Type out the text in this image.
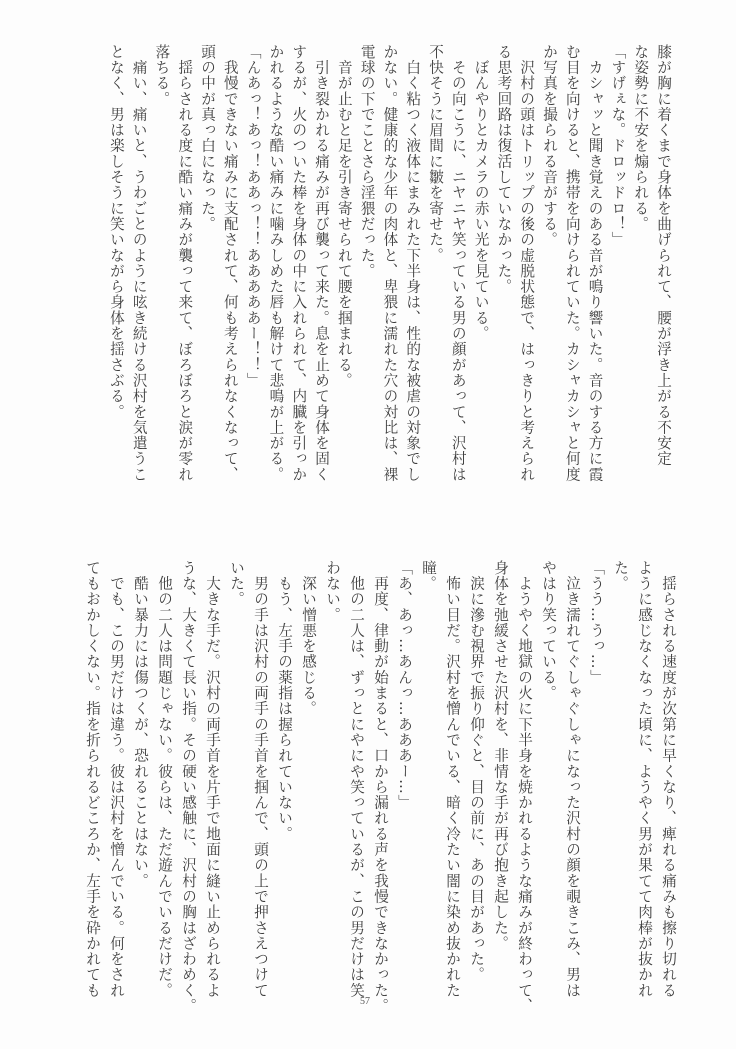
膝が胸に着くまで身体を曲げられて、腰が浮き上がる不安定
な姿勢に不安を煽られる。
「すげぇな。ドロッドロ！」
　カシャッと聞き覚えのある音が鳴り響いた。音のする方に霞
む目を向けると、携帯を向けられていた。カシャカシャと何度
か写真を撮られる音がする。
　沢村の頭はトリップの後の虚脱状態で、はっきりと考えられ
る思考回路は復活していなかった。
　ぼんやりとカメラの赤い光を見ている。
　その向こうに、ニヤニヤ笑っている男の顔があって、沢村は
不快そうに眉間に皺を寄せた。
　白く粘つく液体にまみれた下半身は、性的な被虐の対象でし
かない。健康的な少年の肉体と、卑猥に濡れた穴の対比は、裸
電球の下でことさら淫猥だった。
　音が止むと足を引き寄せられて腰を掴まれる。
　引き裂かれる痛みが再び襲って来た。息を止めて身体を固く
するが、火のついた棒を身体の中に入れられて、内臓を引っか
かれるような酷い痛みに噛みしめた唇も解けて悲鳴が上がる。
「んあっ！あっ！ああっ！！あああああー！！」
　我慢できない痛みに支配されて、何も考えられなくなって、
頭の中が真っ白になった。
　揺らされる度に酷い痛みが襲って来て、ぼろぼろと涙が零れ
落ちる。
　痛い、痛いと、うわごとのように呟き続ける沢村を気遣うこ
となく、男は楽しそうに笑いながら身体を揺さぶる。
　揺らされる速度が次第に早くなり、痺れる痛みも擦り切れる
ように感じなくなった頃に、ようやく男が果てて肉棒が抜かれ
た。
「うう…うっ…」
　泣き濡れてぐしゃぐしゃになった沢村の顔を覗きこみ、男は
やはり笑っている。
　ようやく地獄の火に下半身を焼かれるような痛みが終わって、
身体を弛緩させた沢村を、非情な手が再び抱き起した。
　涙に滲む視界で振り仰ぐと、目の前に、あの目があった。
　怖い目だ。沢村を憎んでいる、暗く冷たい闇に染め抜かれた
瞳。
「あ、あっ…あんっ…あああー…」
　再度、律動が始まると、口から漏れる声を我慢できなかった。
　他の二人は、ずっとにやにや笑っているが、この男だけは笑
わない。
　深い憎悪を感じる。
　もう、左手の薬指は握られていない。
　男の手は沢村の両手の手首を掴んで、頭の上で押さえつけて
いた。
　大きな手だ。沢村の両手首を片手で地面に縫い止められるよ
うな、大きくて長い指。その硬い感触に、沢村の胸はざわめく。
　他の二人は問題じゃない。彼らは、ただ遊んでいるだけだ。
　酷い暴力には傷つくが、恐れることはない。
　でも、この男だけは違う。彼は沢村を憎んでいる。何をされ
てもおかしくない。指を折られるどころか、左手を砕かれても
57
